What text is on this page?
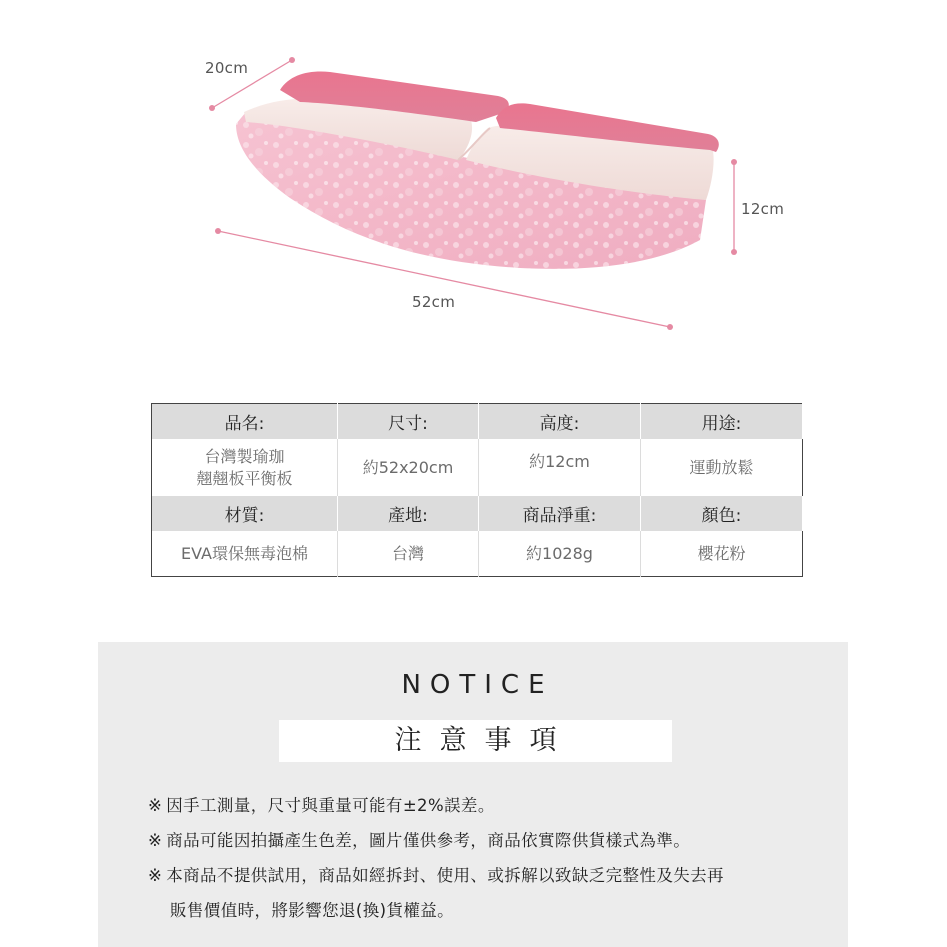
20cm
12cm
52cm
品名:	尺寸:	高度:	用途:

台灣製瑜珈
翹翹板平衡板	約52x20cm	約12cm	運動放鬆
材質:	產地:	商品淨重:	顏色:
EVA環保無毒泡棉	台灣	約1028g	櫻花粉
NOTICE
注意事項
※ 因手工測量，尺寸與重量可能有±2%誤差。
※ 商品可能因拍攝產生色差，圖片僅供參考，商品依實際供貨樣式為準。
※ 本商品不提供試用，商品如經拆封、使用、或拆解以致缺乏完整性及失去再
販售價值時，將影響您退(換)貨權益。
